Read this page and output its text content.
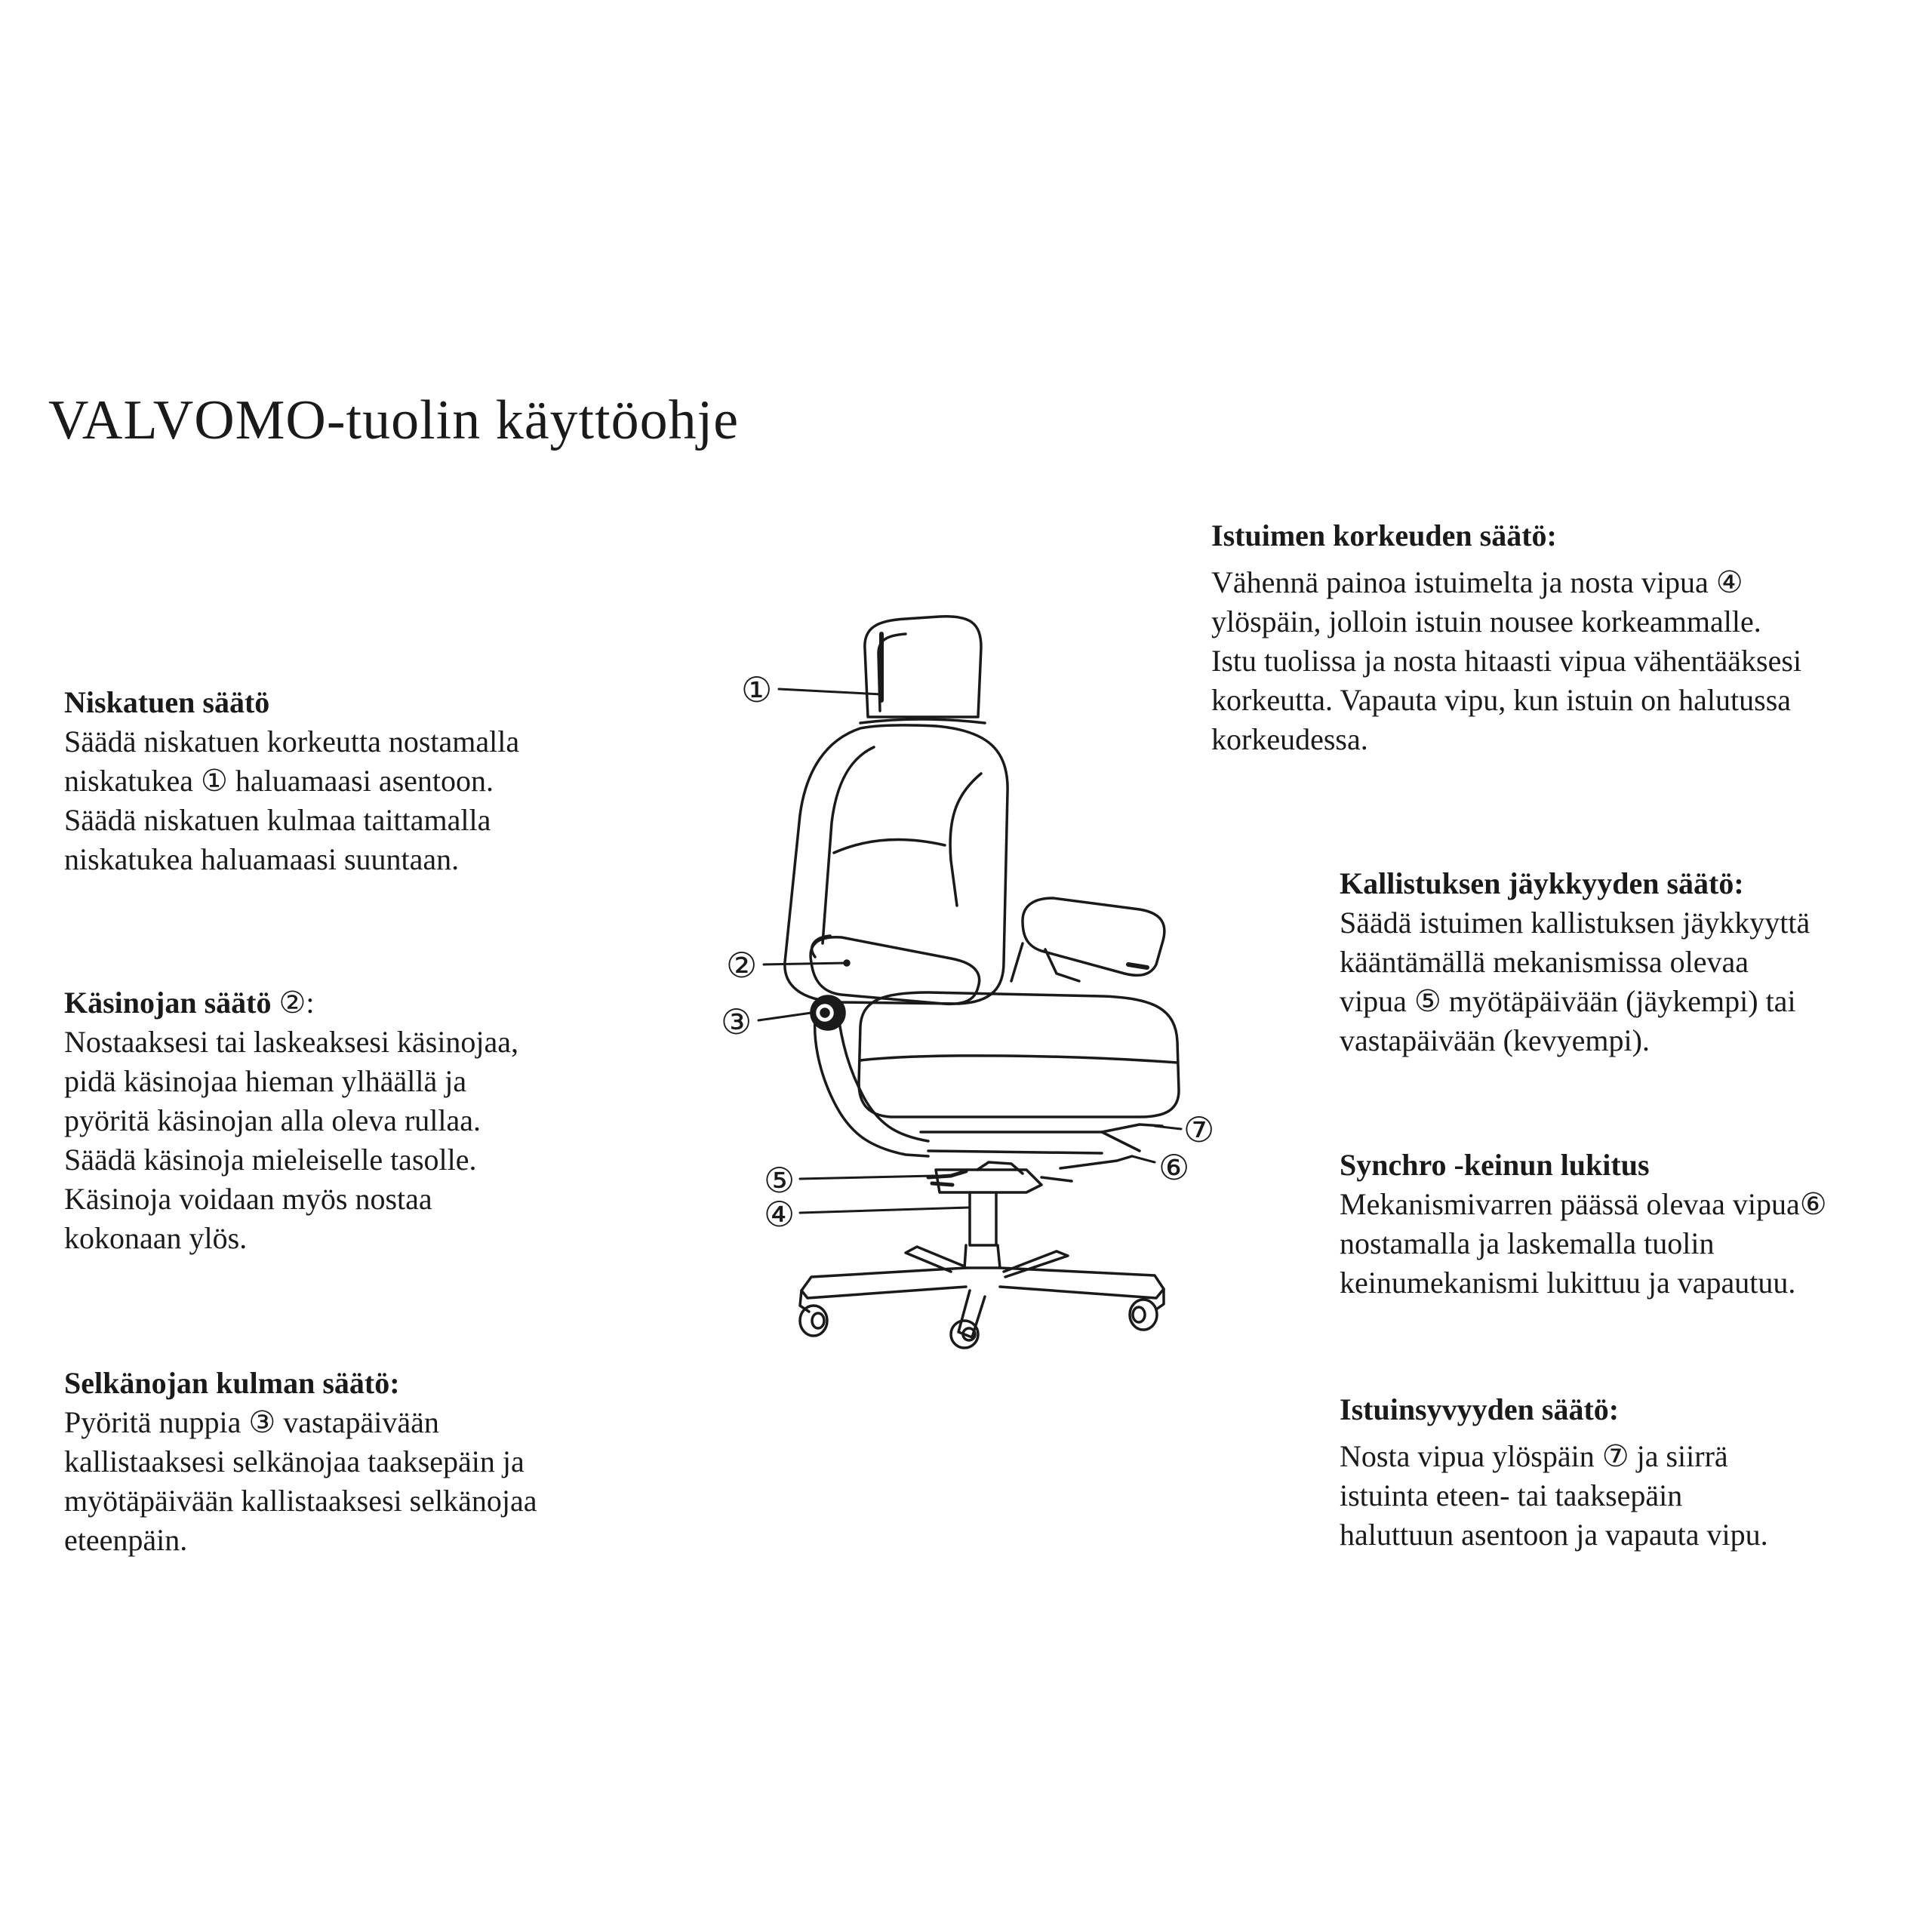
VALVOMO-tuolin käyttöohje
Niskatuen säätö
Säädä niskatuen korkeutta nostamalla
niskatukea ① haluamaasi asentoon.
Säädä niskatuen kulmaa taittamalla
niskatukea haluamaasi suuntaan.
Käsinojan säätö ②:
Nostaaksesi tai laskeaksesi käsinojaa,
pidä käsinojaa hieman ylhäällä ja
pyöritä käsinojan alla oleva rullaa.
Säädä käsinoja mieleiselle tasolle.
Käsinoja voidaan myös nostaa
kokonaan ylös.
Selkänojan kulman säätö:
Pyöritä nuppia ③ vastapäivään
kallistaaksesi selkänojaa taaksepäin ja
myötäpäivään kallistaaksesi selkänojaa
eteenpäin.
Istuimen korkeuden säätö:
Vähennä painoa istuimelta ja nosta vipua ④
ylöspäin, jolloin istuin nousee korkeammalle.
Istu tuolissa ja nosta hitaasti vipua vähentääksesi
korkeutta. Vapauta vipu, kun istuin on halutussa
korkeudessa.
Kallistuksen jäykkyyden säätö:
Säädä istuimen kallistuksen jäykkyyttä
kääntämällä mekanismissa olevaa
vipua ⑤ myötäpäivään (jäykempi) tai
vastapäivään (kevyempi).
Synchro -keinun lukitus
Mekanismivarren päässä olevaa vipua⑥
nostamalla ja laskemalla tuolin
keinumekanismi lukittuu ja vapautuu.
Istuinsyvyyden säätö:
Nosta vipua ylöspäin ⑦ ja siirrä
istuinta eteen- tai taaksepäin
haluttuun asentoon ja vapauta vipu.
①
②
③
④
⑤	⑥
⑦
